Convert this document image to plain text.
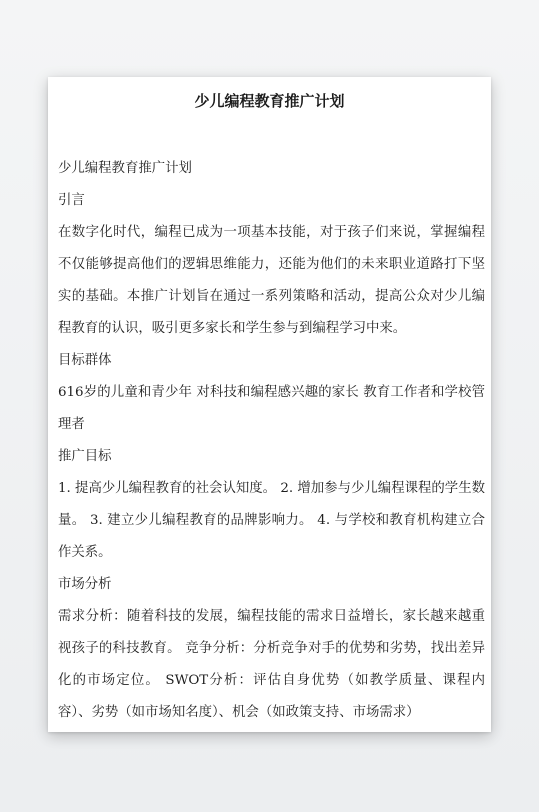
少儿编程教育推广计划

少儿编程教育推广计划

引言

在数字化时代，编程已成为一项基本技能，对于孩子们来说，掌握编程不仅能够提高他们的逻辑思维能力，还能为他们的未来职业道路打下坚实的基础。本推广计划旨在通过一系列策略和活动，提高公众对少儿编程教育的认识，吸引更多家长和学生参与到编程学习中来。

目标群体

616岁的儿童和青少年 对科技和编程感兴趣的家长 教育工作者和学校管理者

推广目标

1. 提高少儿编程教育的社会认知度。 2. 增加参与少儿编程课程的学生数量。 3. 建立少儿编程教育的品牌影响力。 4. 与学校和教育机构建立合作关系。

市场分析

需求分析：随着科技的发展，编程技能的需求日益增长，家长越来越重视孩子的科技教育。 竞争分析：分析竞争对手的优势和劣势，找出差异化的市场定位。 SWOT分析：评估自身优势（如教学质量、课程内容）、劣势（如市场知名度）、机会（如政策支持、市场需求）
